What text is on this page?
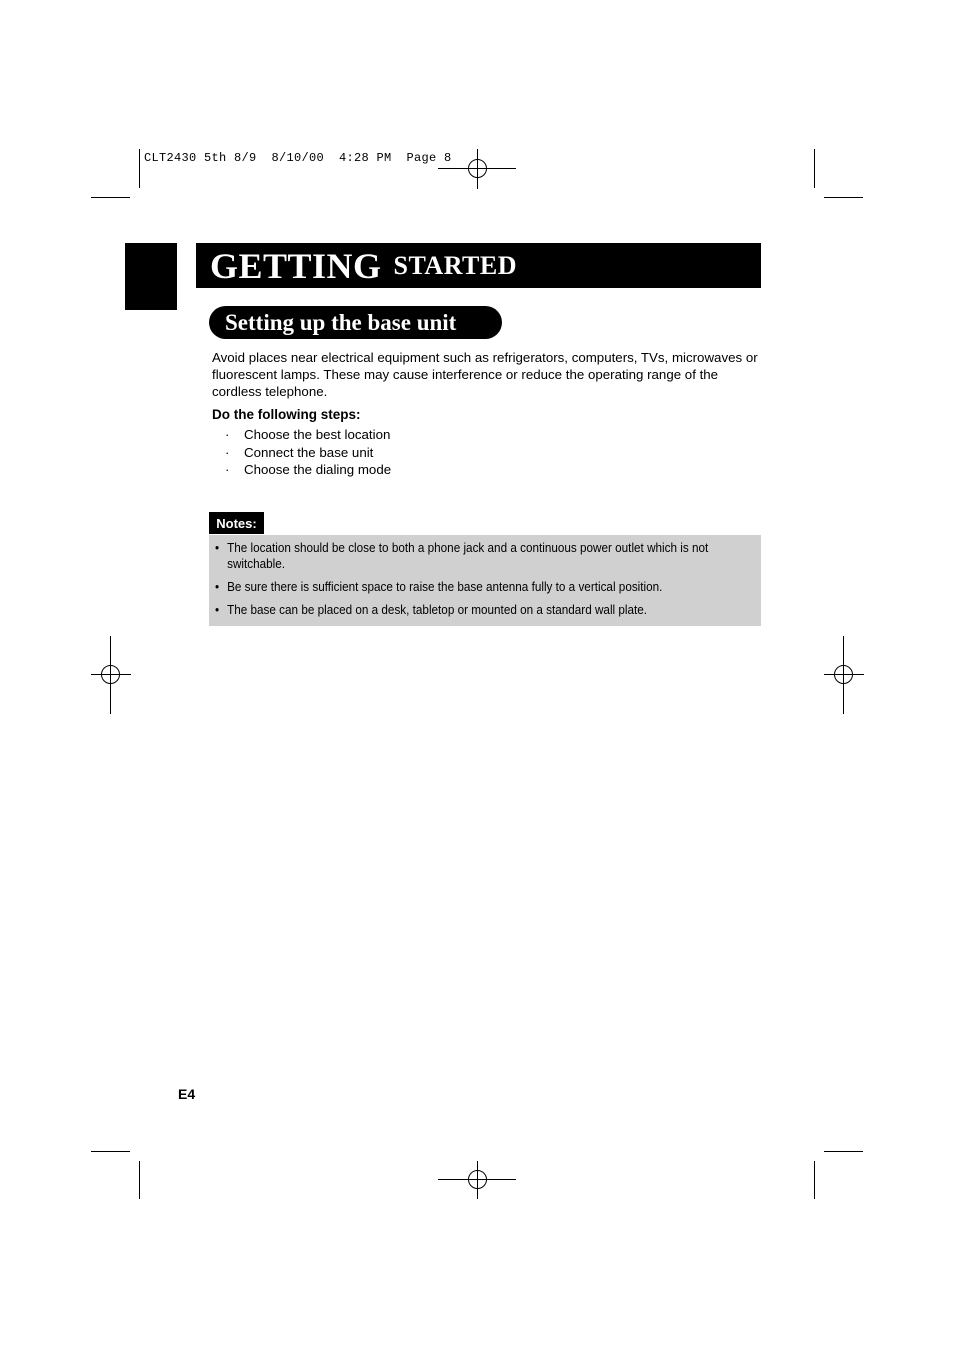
CLT2430 5th 8/9  8/10/00  4:28 PM  Page 8
GETTING STARTED
Setting up the base unit

Avoid places near electrical equipment such as refrigerators, computers, TVs, microwaves or fluorescent lamps. These may cause interference or reduce the operating range of the cordless telephone.

Do the following steps:

· Choose the best location
· Connect the base unit
· Choose the dialing mode
Notes:
• The location should be close to both a phone jack and a continuous power outlet which is not switchable.
• Be sure there is sufficient space to raise the base antenna fully to a vertical position.
• The base can be placed on a desk, tabletop or mounted on a standard wall plate.
E4
